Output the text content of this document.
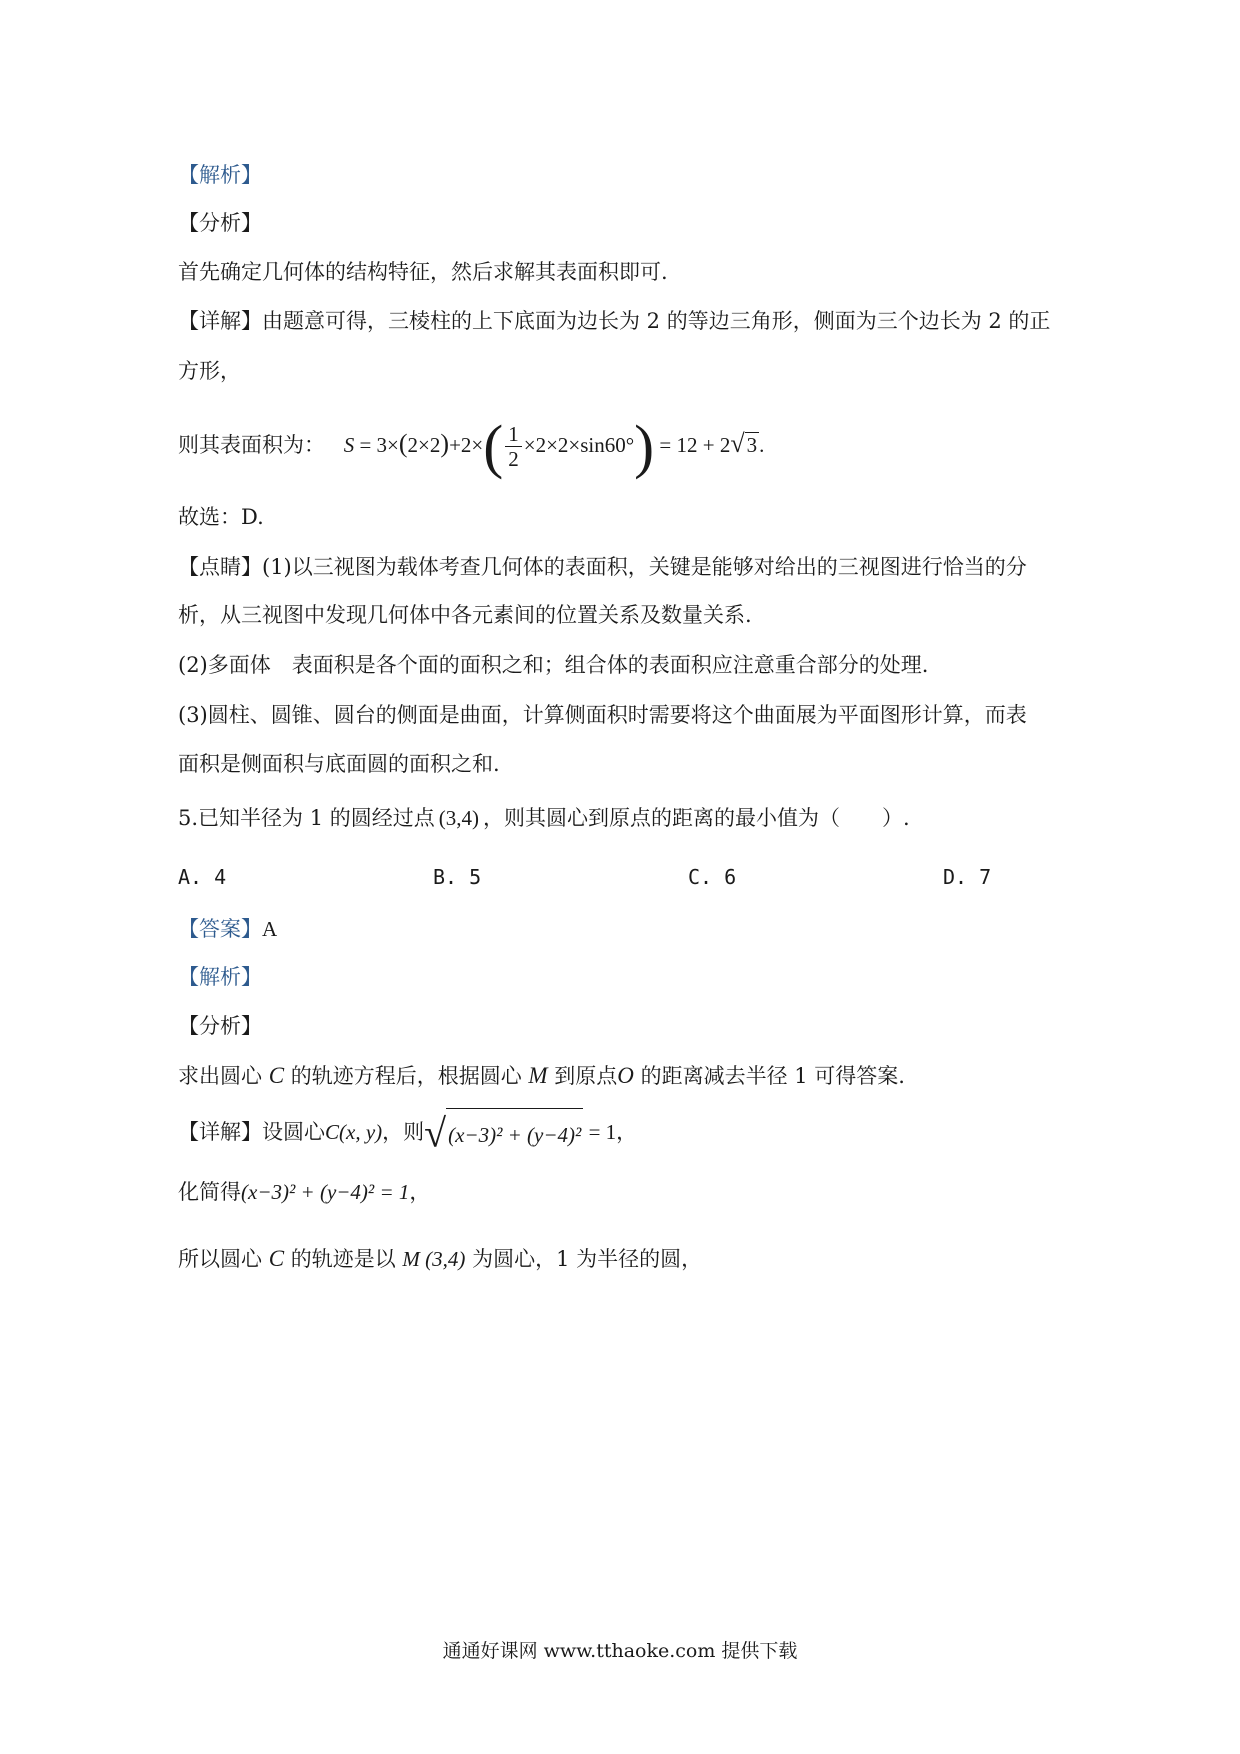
【解析】
【分析】
首先确定几何体的结构特征，然后求解其表面积即可.
【详解】由题意可得，三棱柱的上下底面为边长为 2 的等边三角形，侧面为三个边长为 2 的正
方形，
则其表面积为： $S = 3\times(2\times 2)+2\times( \frac{1}{2} \times 2\times 2\times\sin 60^\circ) = 12 + 2√3$.
故选：D.
【点睛】(1)以三视图为载体考查几何体的表面积，关键是能够对给出的三视图进行恰当的分
析，从三视图中发现几何体中各元素间的位置关系及数量关系.
(2)多面体　表面积是各个面的面积之和；组合体的表面积应注意重合部分的处理.
(3)圆柱、圆锥、圆台的侧面是曲面，计算侧面积时需要将这个曲面展为平面图形计算，而表
面积是侧面积与底面圆的面积之和.
5.已知半径为 1 的圆经过点 (3,4) ，则其圆心到原点的距离的最小值为（　　）.
A. 4	B. 5	C. 6	D. 7
【答案】A
【解析】
【分析】
求出圆心 C 的轨迹方程后，根据圆心 M 到原点O 的距离减去半径 1 可得答案.
【详解】设圆心C(x, y)，则√(x−3)² + (y−4)² = 1，
化简得(x−3)² + (y−4)² = 1，
所以圆心 C 的轨迹是以 M (3,4) 为圆心，1 为半径的圆，
通通好课网 www.tthaoke.com 提供下载
